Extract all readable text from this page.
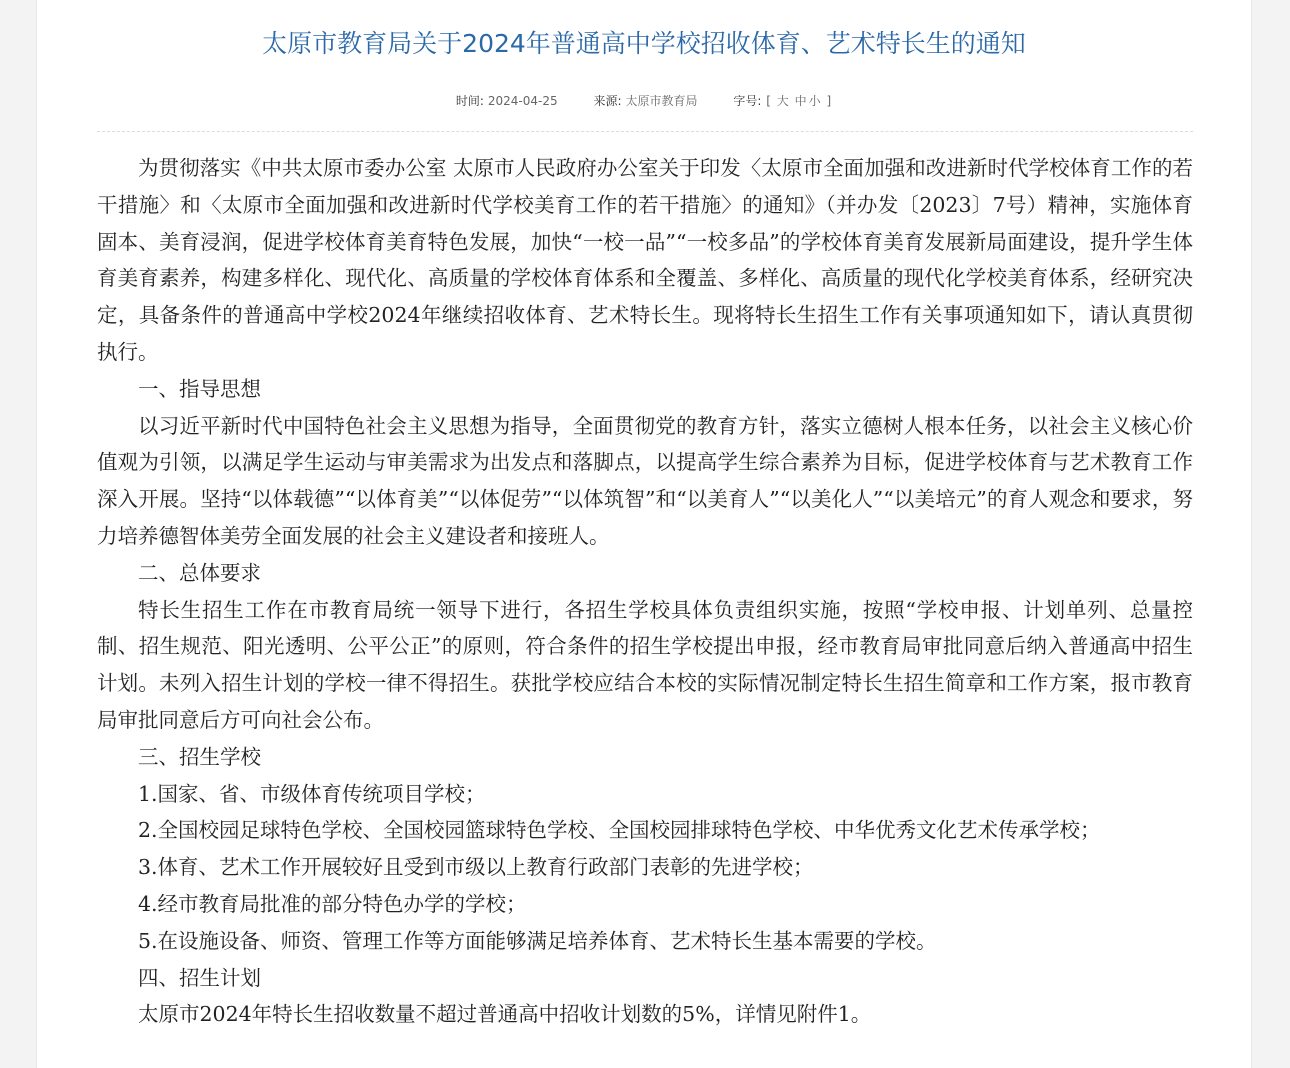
太原市教育局关于2024年普通高中学校招收体育、艺术特长生的通知
时间: 2024-04-25	来源: 太原市教育局	字号: [ 大 中 小 ]

为贯彻落实《中共太原市委办公室 太原市人民政府办公室关于印发〈太原市全面加强和改进新时代学校体育工作的若干措施〉和〈太原市全面加强和改进新时代学校美育工作的若干措施〉的通知》（并办发〔2023〕7号）精神，实施体育固本、美育浸润，促进学校体育美育特色发展，加快“一校一品”“一校多品”的学校体育美育发展新局面建设，提升学生体育美育素养，构建多样化、现代化、高质量的学校体育体系和全覆盖、多样化、高质量的现代化学校美育体系，经研究决定，具备条件的普通高中学校2024年继续招收体育、艺术特长生。现将特长生招生工作有关事项通知如下，请认真贯彻执行。

一、指导思想

以习近平新时代中国特色社会主义思想为指导，全面贯彻党的教育方针，落实立德树人根本任务，以社会主义核心价值观为引领，以满足学生运动与审美需求为出发点和落脚点，以提高学生综合素养为目标，促进学校体育与艺术教育工作深入开展。坚持“以体载德”“以体育美”“以体促劳”“以体筑智”和“以美育人”“以美化人”“以美培元”的育人观念和要求，努力培养德智体美劳全面发展的社会主义建设者和接班人。

二、总体要求

特长生招生工作在市教育局统一领导下进行，各招生学校具体负责组织实施，按照“学校申报、计划单列、总量控制、招生规范、阳光透明、公平公正”的原则，符合条件的招生学校提出申报，经市教育局审批同意后纳入普通高中招生计划。未列入招生计划的学校一律不得招生。获批学校应结合本校的实际情况制定特长生招生简章和工作方案，报市教育局审批同意后方可向社会公布。

三、招生学校

1.国家、省、市级体育传统项目学校；

2.全国校园足球特色学校、全国校园篮球特色学校、全国校园排球特色学校、中华优秀文化艺术传承学校；

3.体育、艺术工作开展较好且受到市级以上教育行政部门表彰的先进学校；

4.经市教育局批准的部分特色办学的学校；

5.在设施设备、师资、管理工作等方面能够满足培养体育、艺术特长生基本需要的学校。

四、招生计划

太原市2024年特长生招收数量不超过普通高中招收计划数的5%，详情见附件1。
